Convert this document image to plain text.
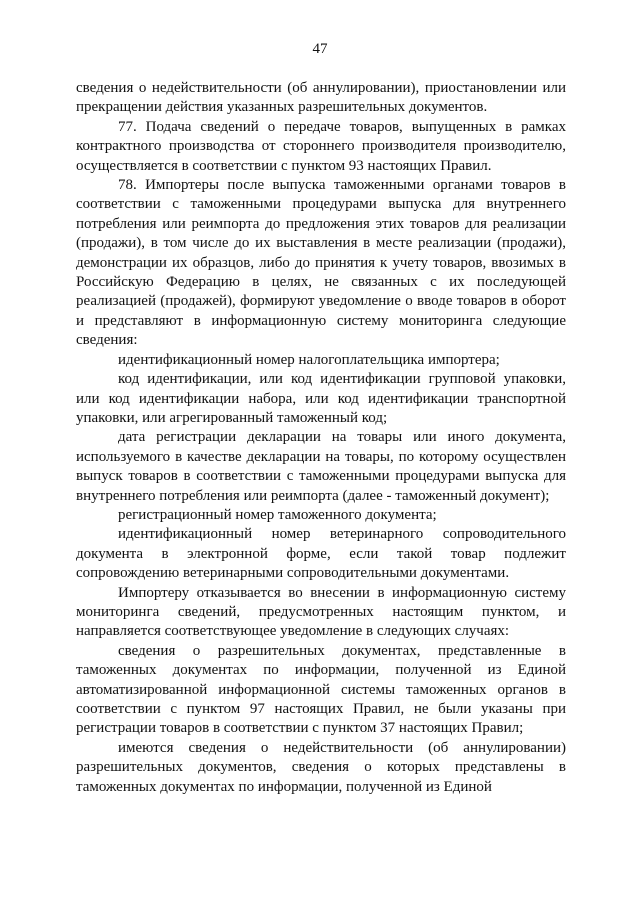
47

сведения о недействительности (об аннулировании), приостановлении или прекращении действия указанных разрешительных документов.

77. Подача сведений о передаче товаров, выпущенных в рамках контрактного производства от стороннего производителя производителю, осуществляется в соответствии с пунктом 93 настоящих Правил.

78. Импортеры после выпуска таможенными органами товаров в соответствии с таможенными процедурами выпуска для внутреннего потребления или реимпорта до предложения этих товаров для реализации (продажи), в том числе до их выставления в месте реализации (продажи), демонстрации их образцов, либо до принятия к учету товаров, ввозимых в Российскую Федерацию в целях, не связанных с их последующей реализацией (продажей), формируют уведомление о вводе товаров в оборот и представляют в информационную систему мониторинга следующие сведения:

идентификационный номер налогоплательщика импортера;

код идентификации, или код идентификации групповой упаковки, или код идентификации набора, или код идентификации транспортной упаковки, или агрегированный таможенный код;

дата регистрации декларации на товары или иного документа, используемого в качестве декларации на товары, по которому осуществлен выпуск товаров в соответствии с таможенными процедурами выпуска для внутреннего потребления или реимпорта (далее - таможенный документ);

регистрационный номер таможенного документа;

идентификационный номер ветеринарного сопроводительного документа в электронной форме, если такой товар подлежит сопровождению ветеринарными сопроводительными документами.

Импортеру отказывается во внесении в информационную систему мониторинга сведений, предусмотренных настоящим пунктом, и направляется соответствующее уведомление в следующих случаях:

сведения о разрешительных документах, представленные в таможенных документах по информации, полученной из Единой автоматизированной информационной системы таможенных органов в соответствии с пунктом 97 настоящих Правил, не были указаны при регистрации товаров в соответствии с пунктом 37 настоящих Правил;

имеются сведения о недействительности (об аннулировании) разрешительных документов, сведения о которых представлены в таможенных документах по информации, полученной из Единой
